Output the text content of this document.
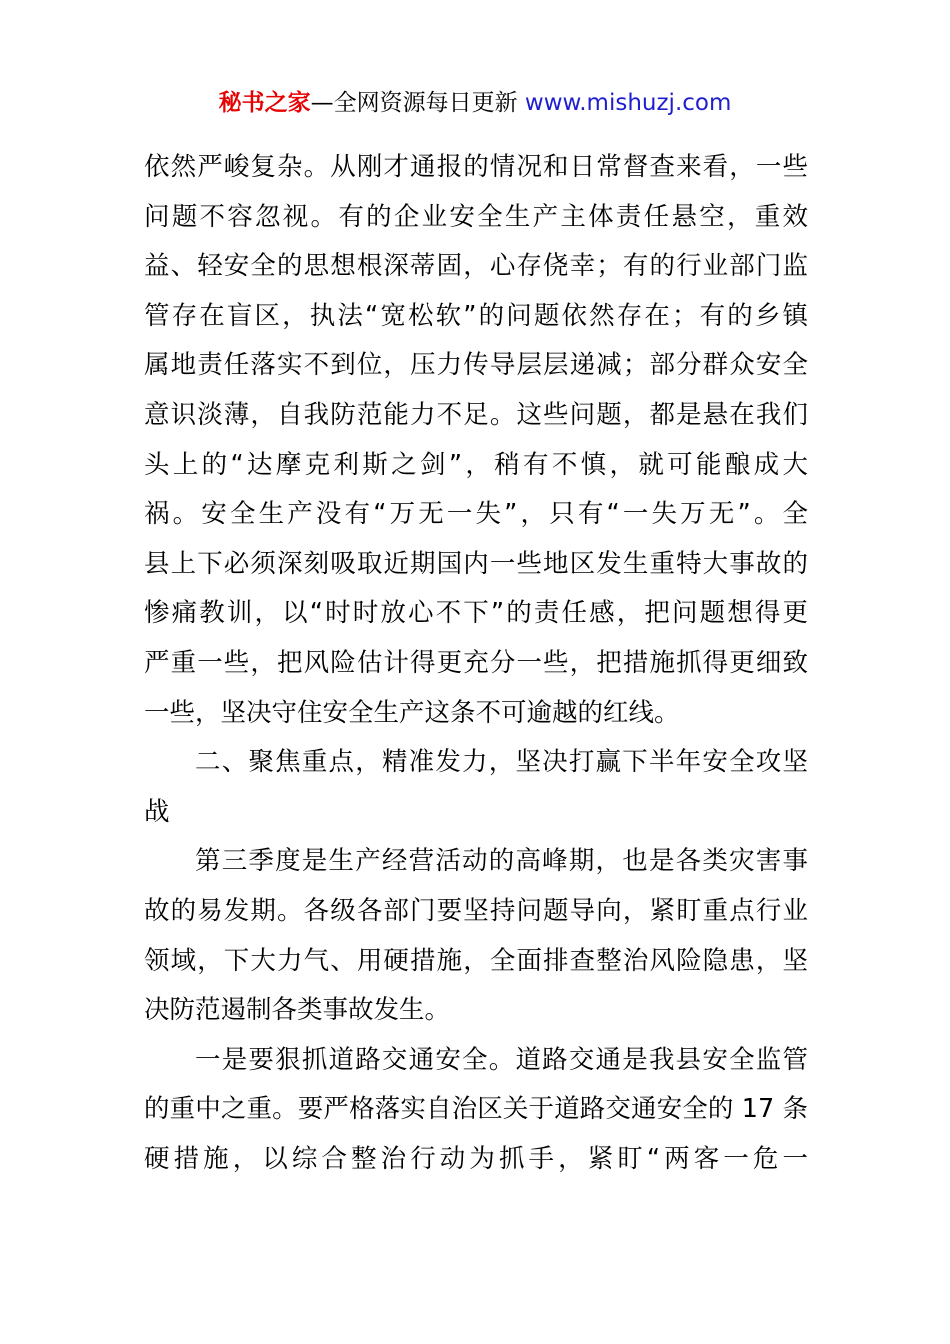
秘书之家—全网资源每日更新 www.mishuzj.com
依然严峻复杂。从刚才通报的情况和日常督查来看，一些
问题不容忽视。有的企业安全生产主体责任悬空，重效
益、轻安全的思想根深蒂固，心存侥幸；有的行业部门监
管存在盲区，执法“宽松软”的问题依然存在；有的乡镇
属地责任落实不到位，压力传导层层递减；部分群众安全
意识淡薄，自我防范能力不足。这些问题，都是悬在我们
头上的“达摩克利斯之剑”，稍有不慎，就可能酿成大
祸。安全生产没有“万无一失”，只有“一失万无”。全
县上下必须深刻吸取近期国内一些地区发生重特大事故的
惨痛教训，以“时时放心不下”的责任感，把问题想得更
严重一些，把风险估计得更充分一些，把措施抓得更细致
一些，坚决守住安全生产这条不可逾越的红线。
二、聚焦重点，精准发力，坚决打赢下半年安全攻坚
战
第三季度是生产经营活动的高峰期，也是各类灾害事
故的易发期。各级各部门要坚持问题导向，紧盯重点行业
领域，下大力气、用硬措施，全面排查整治风险隐患，坚
决防范遏制各类事故发生。
一是要狠抓道路交通安全。道路交通是我县安全监管
的重中之重。要严格落实自治区关于道路交通安全的 17 条
硬措施，以综合整治行动为抓手，紧盯“两客一危一
